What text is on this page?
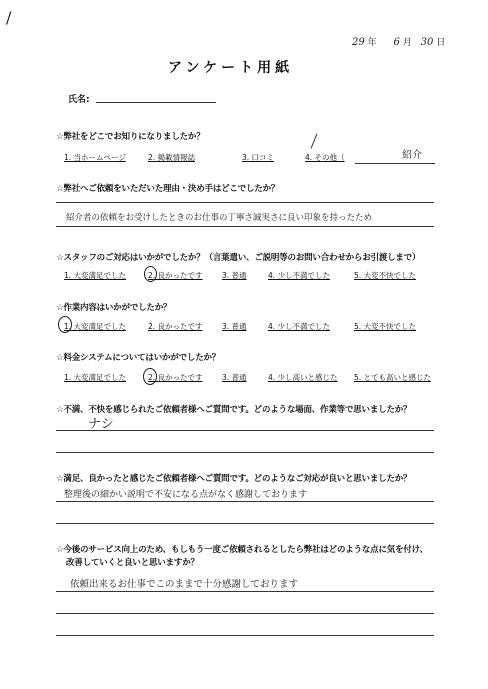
/
29 年 6 月 30 日
アンケート用紙
氏名:
☆弊社をどこでお知りになりましたか？
1. 当ホームページ	2. 掲載情報誌	3. 口コミ	4. その他（	紹介
☆弊社へご依頼をいただいた理由・決め手はどこでしたか？
紹介者の依頼をお受けしたときのお仕事の丁寧さ誠実さに良い印象を持ったため
☆スタッフのご対応はいかがでしたか？（言葉遣い、ご説明等のお問い合わせからお引渡しまで）
1. 大変満足でした	2. 良かったです	3. 普通	4. 少し不満でした	5. 大変不快でした
☆作業内容はいかがでしたか？
1. 大変満足でした	2. 良かったです	3. 普通	4. 少し不満でした	5. 大変不快でした
☆料金システムについてはいかがでしたか？
1. 大変満足でした	2. 良かったです	3. 普通	4. 少し高いと感じた 5. とても高いと感じた
☆不満、不快を感じられたご依頼者様へご質問です。どのような場面、作業等で思いましたか？
ナシ
☆満足、良かったと感じたご依頼者様へご質問です。どのようなご対応が良いと思いましたか？
整理後の細かい説明で不安になる点がなく感謝しております
☆今後のサービス向上のため、もしもう一度ご依頼されるとしたら弊社はどのような点に気を付け、
改善していくと良いと思いますか？
依頼出来るお仕事でこのままで十分感謝しております
